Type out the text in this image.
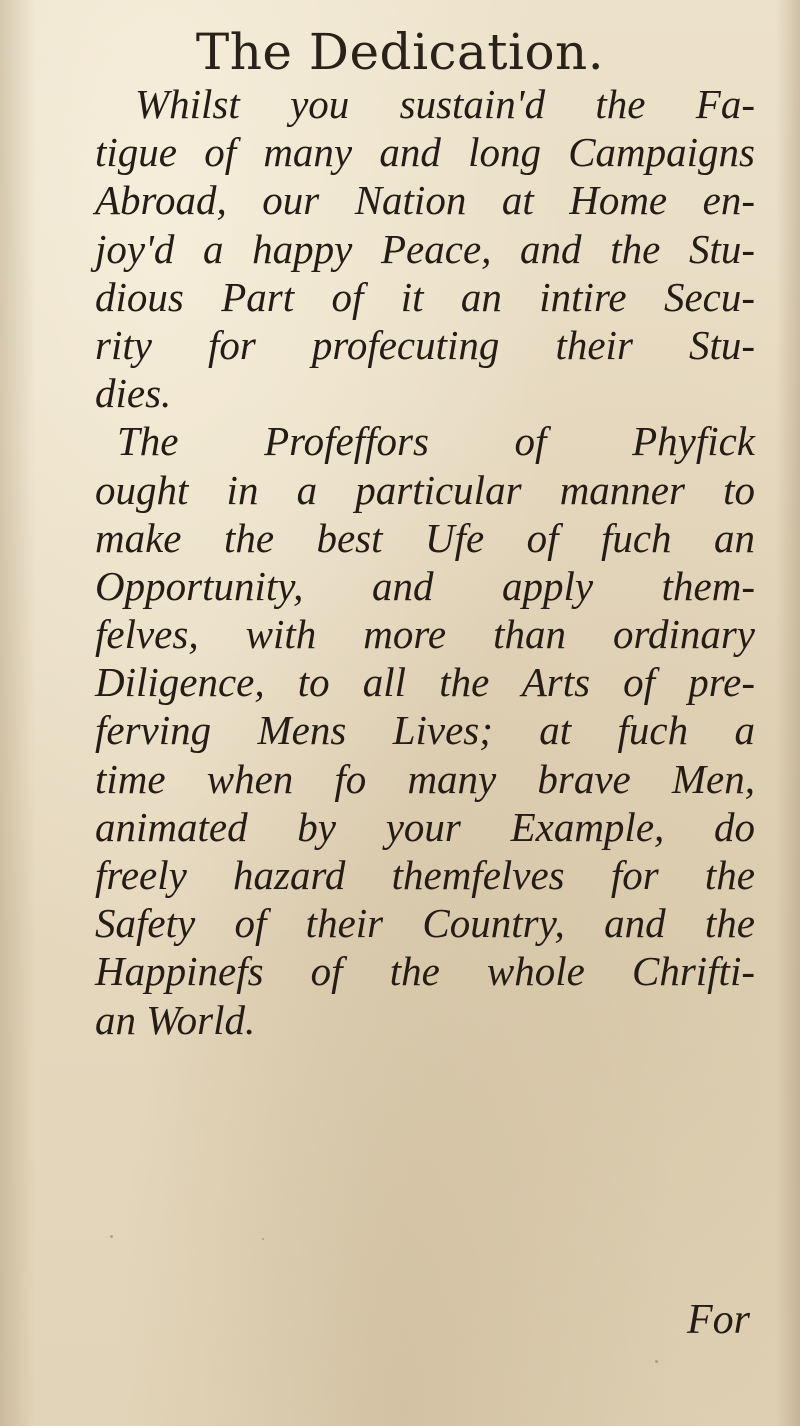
The Dedication.
Whilst you sustain'd the Fa-
tigue of many and long Campaigns
Abroad, our Nation at Home en-
joy'd a happy Peace, and the Stu-
dious Part of it an intire Secu-
rity for profecuting their Stu-
dies.
The Profeffors of Phyfick
ought in a particular manner to
make the best Ufe of fuch an
Opportunity, and apply them-
felves, with more than ordinary
Diligence, to all the Arts of pre-
ferving Mens Lives; at fuch a
time when fo many brave Men,
animated by your Example, do
freely hazard themfelves for the
Safety of their Country, and the
Happinefs of the whole Chrifti-
an World.
For
